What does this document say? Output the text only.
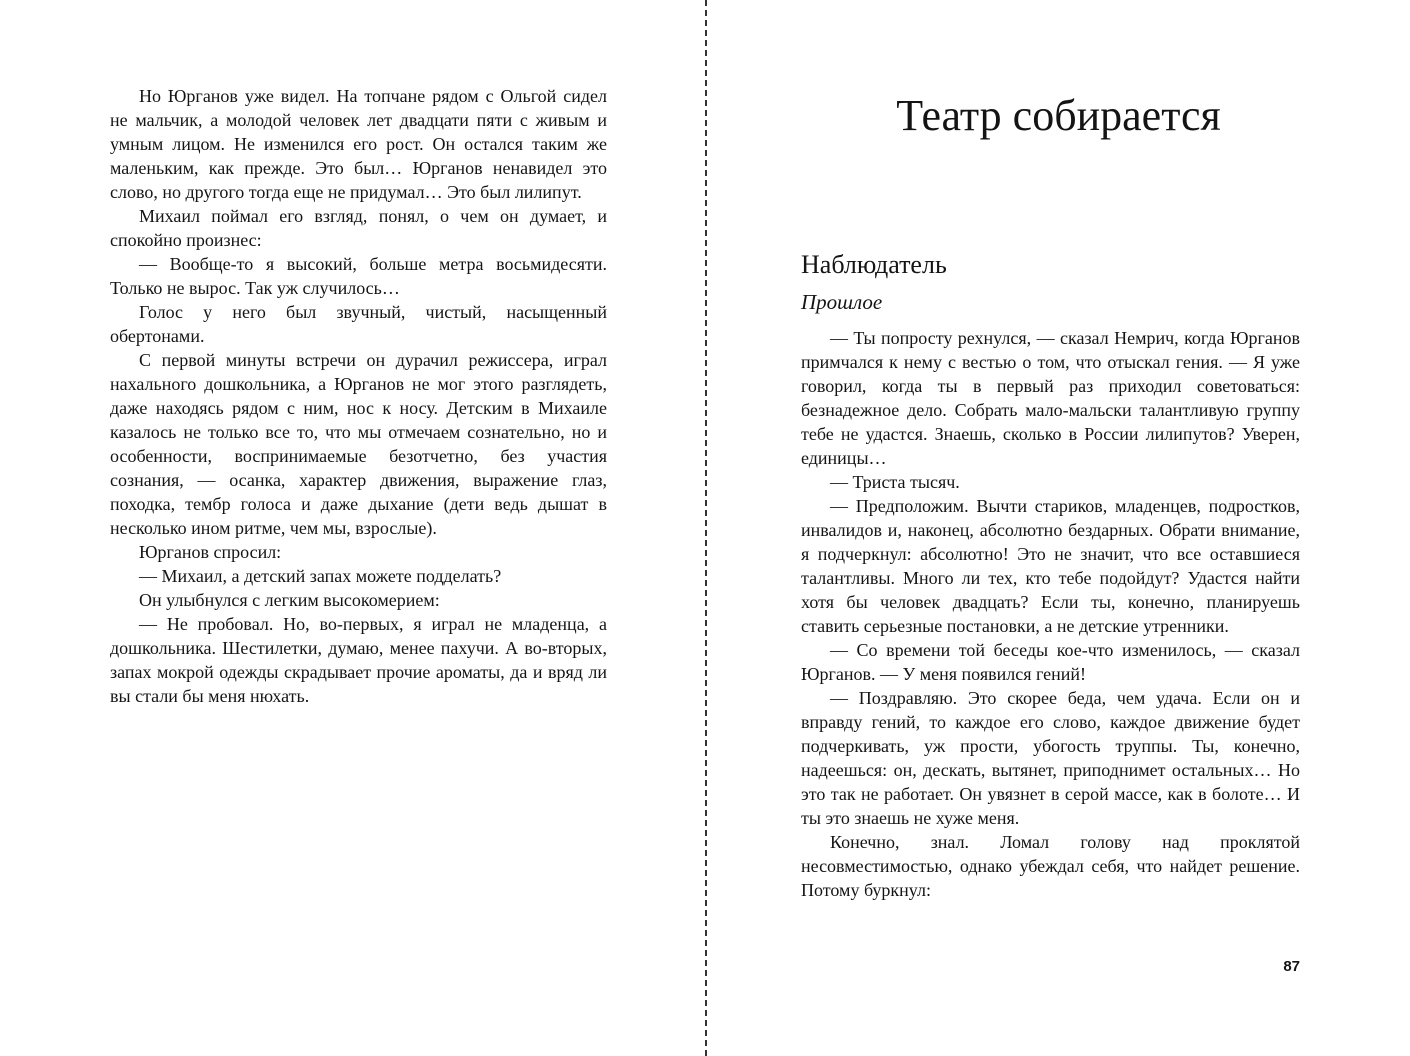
Но Юрганов уже видел. На топчане рядом с Ольгой сидел не мальчик, а молодой человек лет двадцати пяти с живым и умным лицом. Не изменился его рост. Он остался таким же маленьким, как прежде. Это был… Юрганов ненавидел это слово, но другого тогда еще не придумал… Это был лилипут.

Михаил поймал его взгляд, понял, о чем он думает, и спокойно произнес:

— Вообще-то я высокий, больше метра восьмидесяти. Только не вырос. Так уж случилось…

Голос у него был звучный, чистый, насыщенный обертонами.

С первой минуты встречи он дурачил режиссера, играл нахального дошкольника, а Юрганов не мог этого разглядеть, даже находясь рядом с ним, нос к носу. Детским в Михаиле казалось не только все то, что мы отмечаем сознательно, но и особенности, воспринимаемые безотчетно, без участия сознания, — осанка, характер движения, выражение глаз, походка, тембр голоса и даже дыхание (дети ведь дышат в несколько ином ритме, чем мы, взрослые).

Юрганов спросил:

— Михаил, а детский запах можете подделать?

Он улыбнулся с легким высокомерием:

— Не пробовал. Но, во-первых, я играл не младенца, а дошкольника. Шестилетки, думаю, менее пахучи. А во-вторых, запах мокрой одежды скрадывает прочие ароматы, да и вряд ли вы стали бы меня нюхать.

Театр собирается
Наблюдатель
Прошлое

— Ты попросту рехнулся, — сказал Немрич, когда Юрганов примчался к нему с вестью о том, что отыскал гения. — Я уже говорил, когда ты в первый раз приходил советоваться: безнадежное дело. Собрать мало-мальски талантливую группу тебе не удастся. Знаешь, сколько в России лилипутов? Уверен, единицы…

— Триста тысяч.

— Предположим. Вычти стариков, младенцев, подростков, инвалидов и, наконец, абсолютно бездарных. Обрати внимание, я подчеркнул: абсолютно! Это не значит, что все оставшиеся талантливы. Много ли тех, кто тебе подойдут? Удастся найти хотя бы человек двадцать? Если ты, конечно, планируешь ставить серьезные постановки, а не детские утренники.

— Со времени той беседы кое-что изменилось, — сказал Юрганов. — У меня появился гений!

— Поздравляю. Это скорее беда, чем удача. Если он и вправду гений, то каждое его слово, каждое движение будет подчеркивать, уж прости, убогость труппы. Ты, конечно, надеешься: он, дескать, вытянет, приподнимет остальных… Но это так не работает. Он увязнет в серой массе, как в болоте… И ты это знаешь не хуже меня.

Конечно, знал. Ломал голову над проклятой несовместимостью, однако убеждал себя, что найдет решение. Потому буркнул:

87
